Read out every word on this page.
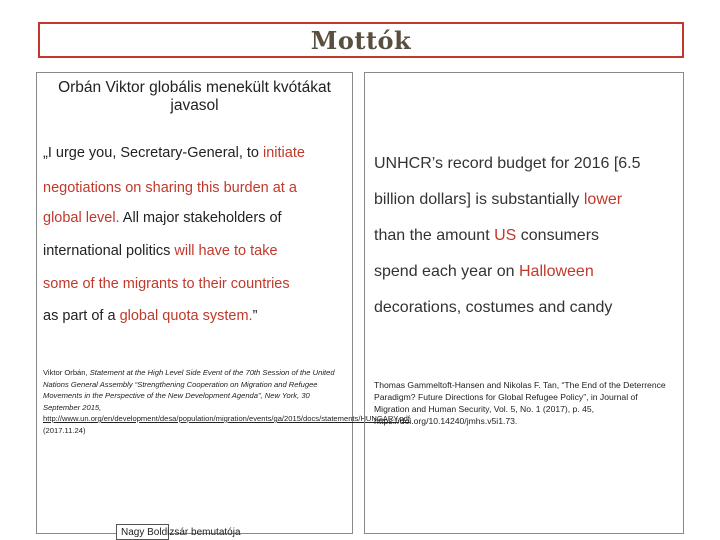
Mottók
Orbán Viktor globális menekült kvótákat javasol
„I urge you, Secretary-General, to initiate
negotiations on sharing this burden at a
global level. All major stakeholders of
international politics will have to take
some of the migrants to their countries
as part of a global quota system.”
Viktor Orbán, Statement at the High Level Side Event of the 70th Session of the United Nations General Assembly “Strengthening Cooperation on Migration and Refugee Movements in the Perspective of the New Development Agenda”, New York, 30 September 2015, http://www.un.org/en/development/desa/population/migration/events/ga/2015/docs/statements/HUNGARY.pdf (2017.11.24)
UNHCR’s record budget for 2016 [6.5
billion dollars] is substantially lower
than the amount US consumers
spend each year on Halloween
decorations, costumes and candy
Thomas Gammeltoft-Hansen and Nikolas F. Tan, “The End of the Deterrence Paradigm? Future Directions for Global Refugee Policy”, in Journal of Migration and Human Security, Vol. 5, No. 1 (2017), p. 45, https://doi.org/10.14240/jmhs.v5i1.73.
Nagy Boldizsár bemutatója
